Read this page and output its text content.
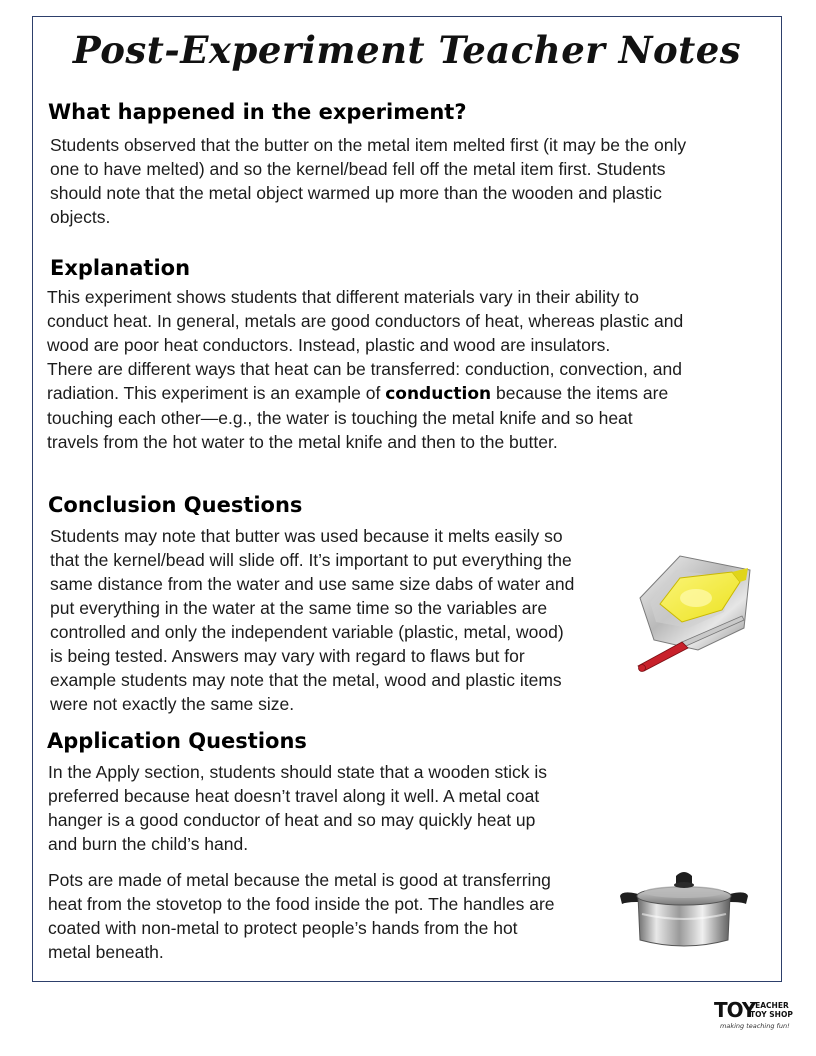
Post-Experiment Teacher Notes
What happened in the experiment?
Students observed that the butter on the metal item melted first (it may be the only
one to have melted) and so the kernel/bead fell off the metal item first. Students
should note that the metal object warmed up more than the wooden and plastic
objects.
Explanation
This experiment shows students that different materials vary in their ability to
conduct heat. In general, metals are good conductors of heat, whereas plastic and
wood are poor heat conductors. Instead, plastic and wood are insulators.
There are different ways that heat can be transferred: conduction, convection, and
radiation. This experiment is an example of conduction because the items are
touching each other—e.g., the water is touching the metal knife and so heat
travels from the hot water to the metal knife and then to the butter.
Conclusion Questions
Students may note that butter was used because it melts easily so
that the kernel/bead will slide off. It’s important to put everything the
same distance from the water and use same size dabs of water and
put everything in the water at the same time so the variables are
controlled and only the independent variable (plastic, metal, wood)
is being tested. Answers may vary with regard to flaws but for
example students may note that the metal, wood and plastic items
were not exactly the same size.
Application Questions
In the Apply section, students should state that a wooden stick is
preferred because heat doesn’t travel along it well. A metal coat
hanger is a good conductor of heat and so may quickly heat up
and burn the child’s hand.
Pots are made of metal because the metal is good at transferring
heat from the stovetop to the food inside the pot. The handles are
coated with non-metal to protect people’s hands from the hot
metal beneath.
TOY
TEACHER
TOY SHOP
making teaching fun!
